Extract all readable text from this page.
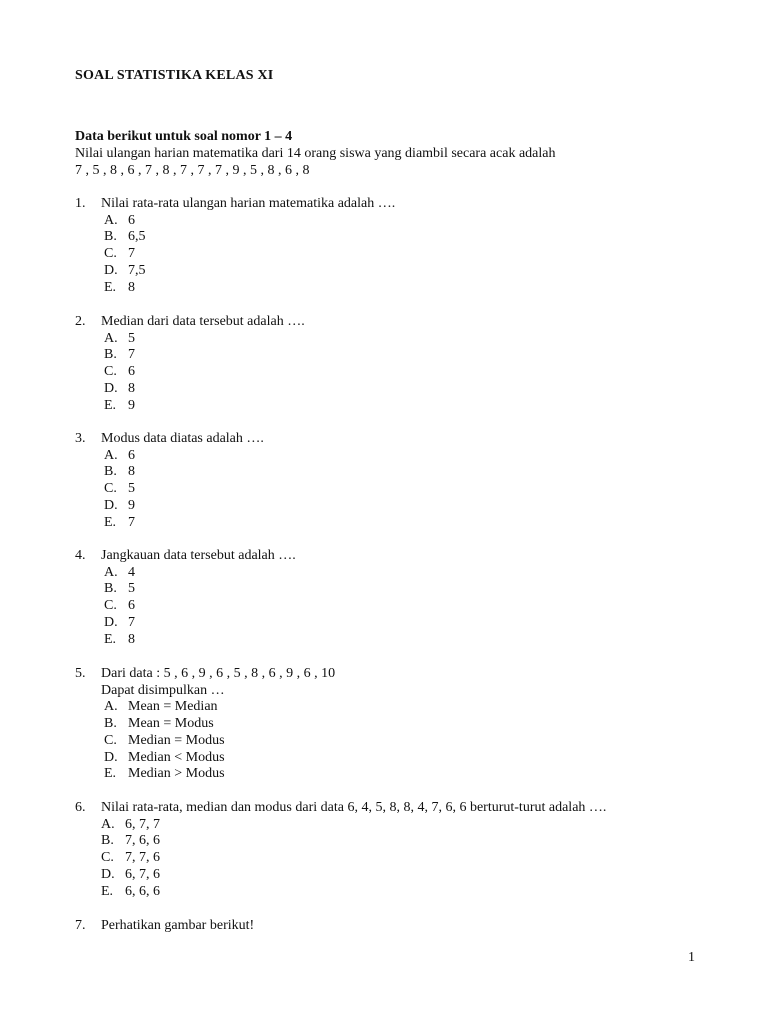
SOAL STATISTIKA KELAS XI
Data berikut untuk soal nomor 1 – 4
Nilai ulangan harian matematika dari 14 orang siswa yang diambil secara acak adalah
7 , 5 , 8 , 6 , 7 , 8 , 7 , 7 , 7 , 9 , 5 , 8 , 6 , 8
1.	Nilai rata-rata ulangan harian matematika adalah ….
A. 6
B. 6,5
C. 7
D. 7,5
E. 8
2.	Median dari data tersebut adalah ….
A. 5
B. 7
C. 6
D. 8
E. 9
3.	Modus data diatas adalah ….
A. 6
B. 8
C. 5
D. 9
E. 7
4.	Jangkauan data tersebut adalah ….
A. 4
B. 5
C. 6
D. 7
E. 8
5.	Dari data : 5 , 6 , 9 , 6 , 5 , 8 , 6 , 9 , 6 , 10
Dapat disimpulkan …
A. Mean = Median
B. Mean = Modus
C. Median = Modus
D. Median < Modus
E. Median > Modus
6.	Nilai rata-rata, median dan modus dari data 6, 4, 5, 8, 8, 4, 7, 6, 6 berturut-turut adalah ….
A. 6, 7, 7
B. 7, 6, 6
C. 7, 7, 6
D. 6, 7, 6
E. 6, 6, 6
7.	Perhatikan gambar berikut!
1
